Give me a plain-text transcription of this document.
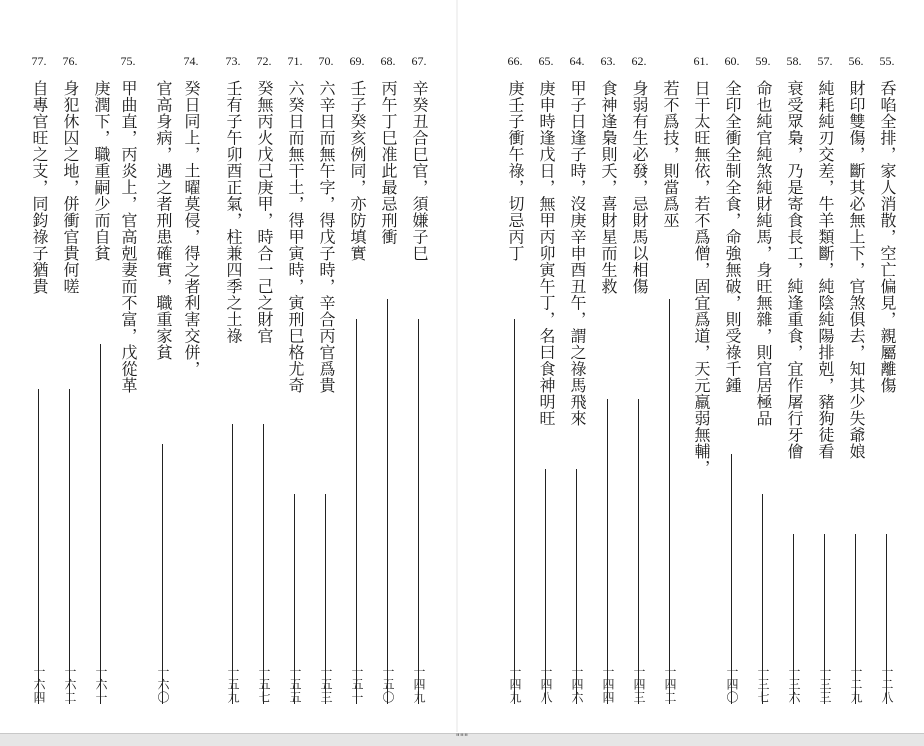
55.
呑啗全排，家人消散，空亡偏見，親屬離傷
一二八
56.
財印雙傷，斷其必無上下，官煞俱去，知其少失爺娘
一二九
57.
純耗純刃交差，牛羊類斷，純陰純陽排剋，豬狗徒看
一三三
58.
衰受眾梟，乃是寄食長工，純逢重食，宜作屠行牙儈
一三六
59.
命也純官純煞純財純馬，身旺無雜，則官居極品
一三七
60.
全印全衝全制全食，命強無破，則受祿千鍾
一四〇
61.
日干太旺無依，若不爲僧，固宜爲道，天元羸弱無輔，
若不爲技，則當爲巫
一四二
62.
身弱有生必發，忌財馬以相傷
一四三
63.
食神逢梟則夭，喜財星而生救
一四四
64.
甲子日逢子時，沒庚辛申酉丑午，謂之祿馬飛來
一四六
65.
庚申時逢戊日，無甲丙卯寅午丁，名曰食神明旺
一四八
66.
庚壬子衝午祿，切忌丙丁
一四九
67.
辛癸丑合巳官，須嫌子巳
一四九
68.
丙午丁巳准此最忌刑衝
一五〇
69.
壬子癸亥例同，亦防填實
一五一
70.
六辛日而無午字，得戊子時，辛合丙官爲貴
一五三
71.
六癸日而無干土，得甲寅時，寅刑巳格尤奇
一五五
72.
癸無丙火戊己庚甲，時合一己之財官
一五七
73.
壬有子午卯酉正氣，柱兼四季之土祿
一五九
74.
癸日同上，土曜莫侵，得之者利害交併，
官高身病，遇之者刑患確實，職重家貧
一六〇
75.
甲曲直，丙炎上，官高剋妻而不富，戊從革
庚潤下，職重嗣少而自貧
一六一
76.
身犯休囚之地，併衝官貴何嗟
一六二
77.
自專官旺之支，同鈞祿子猶貴
一六四
"""
